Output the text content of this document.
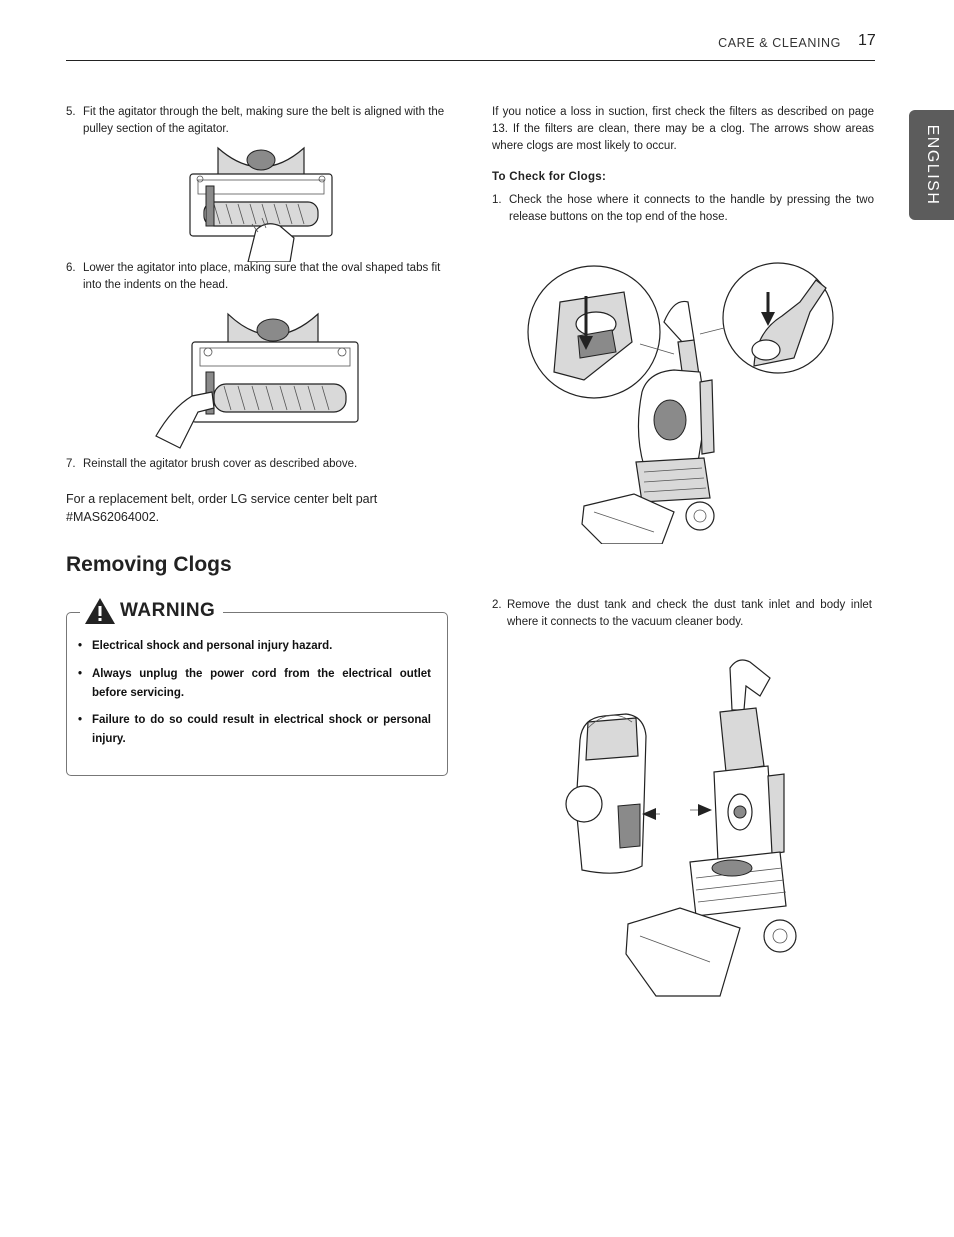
CARE & CLEANING 17
ENGLISH
5. Fit the agitator through the belt, making sure the belt is aligned with the pulley section of the agitator.
6. Lower the agitator into place, making sure that the oval shaped tabs fit into the indents on the head.
7. Reinstall the agitator brush cover as described above.
For a replacement belt, order LG service center belt part #MAS62064002.
Removing Clogs
WARNING
• Electrical shock and personal injury hazard.
• Always unplug the power cord from the electrical outlet before servicing.
• Failure to do so could result in electrical shock or personal injury.
If you notice a loss in suction, first check the filters as described on page 13. If the filters are clean, there may be a clog. The arrows show areas where clogs are most likely to occur.
To Check for Clogs:
1. Check the hose where it connects to the handle by pressing the two release buttons on the top end of the hose.
2. Remove the dust tank and check the dust tank inlet and body inlet where it connects to the vacuum cleaner body.
